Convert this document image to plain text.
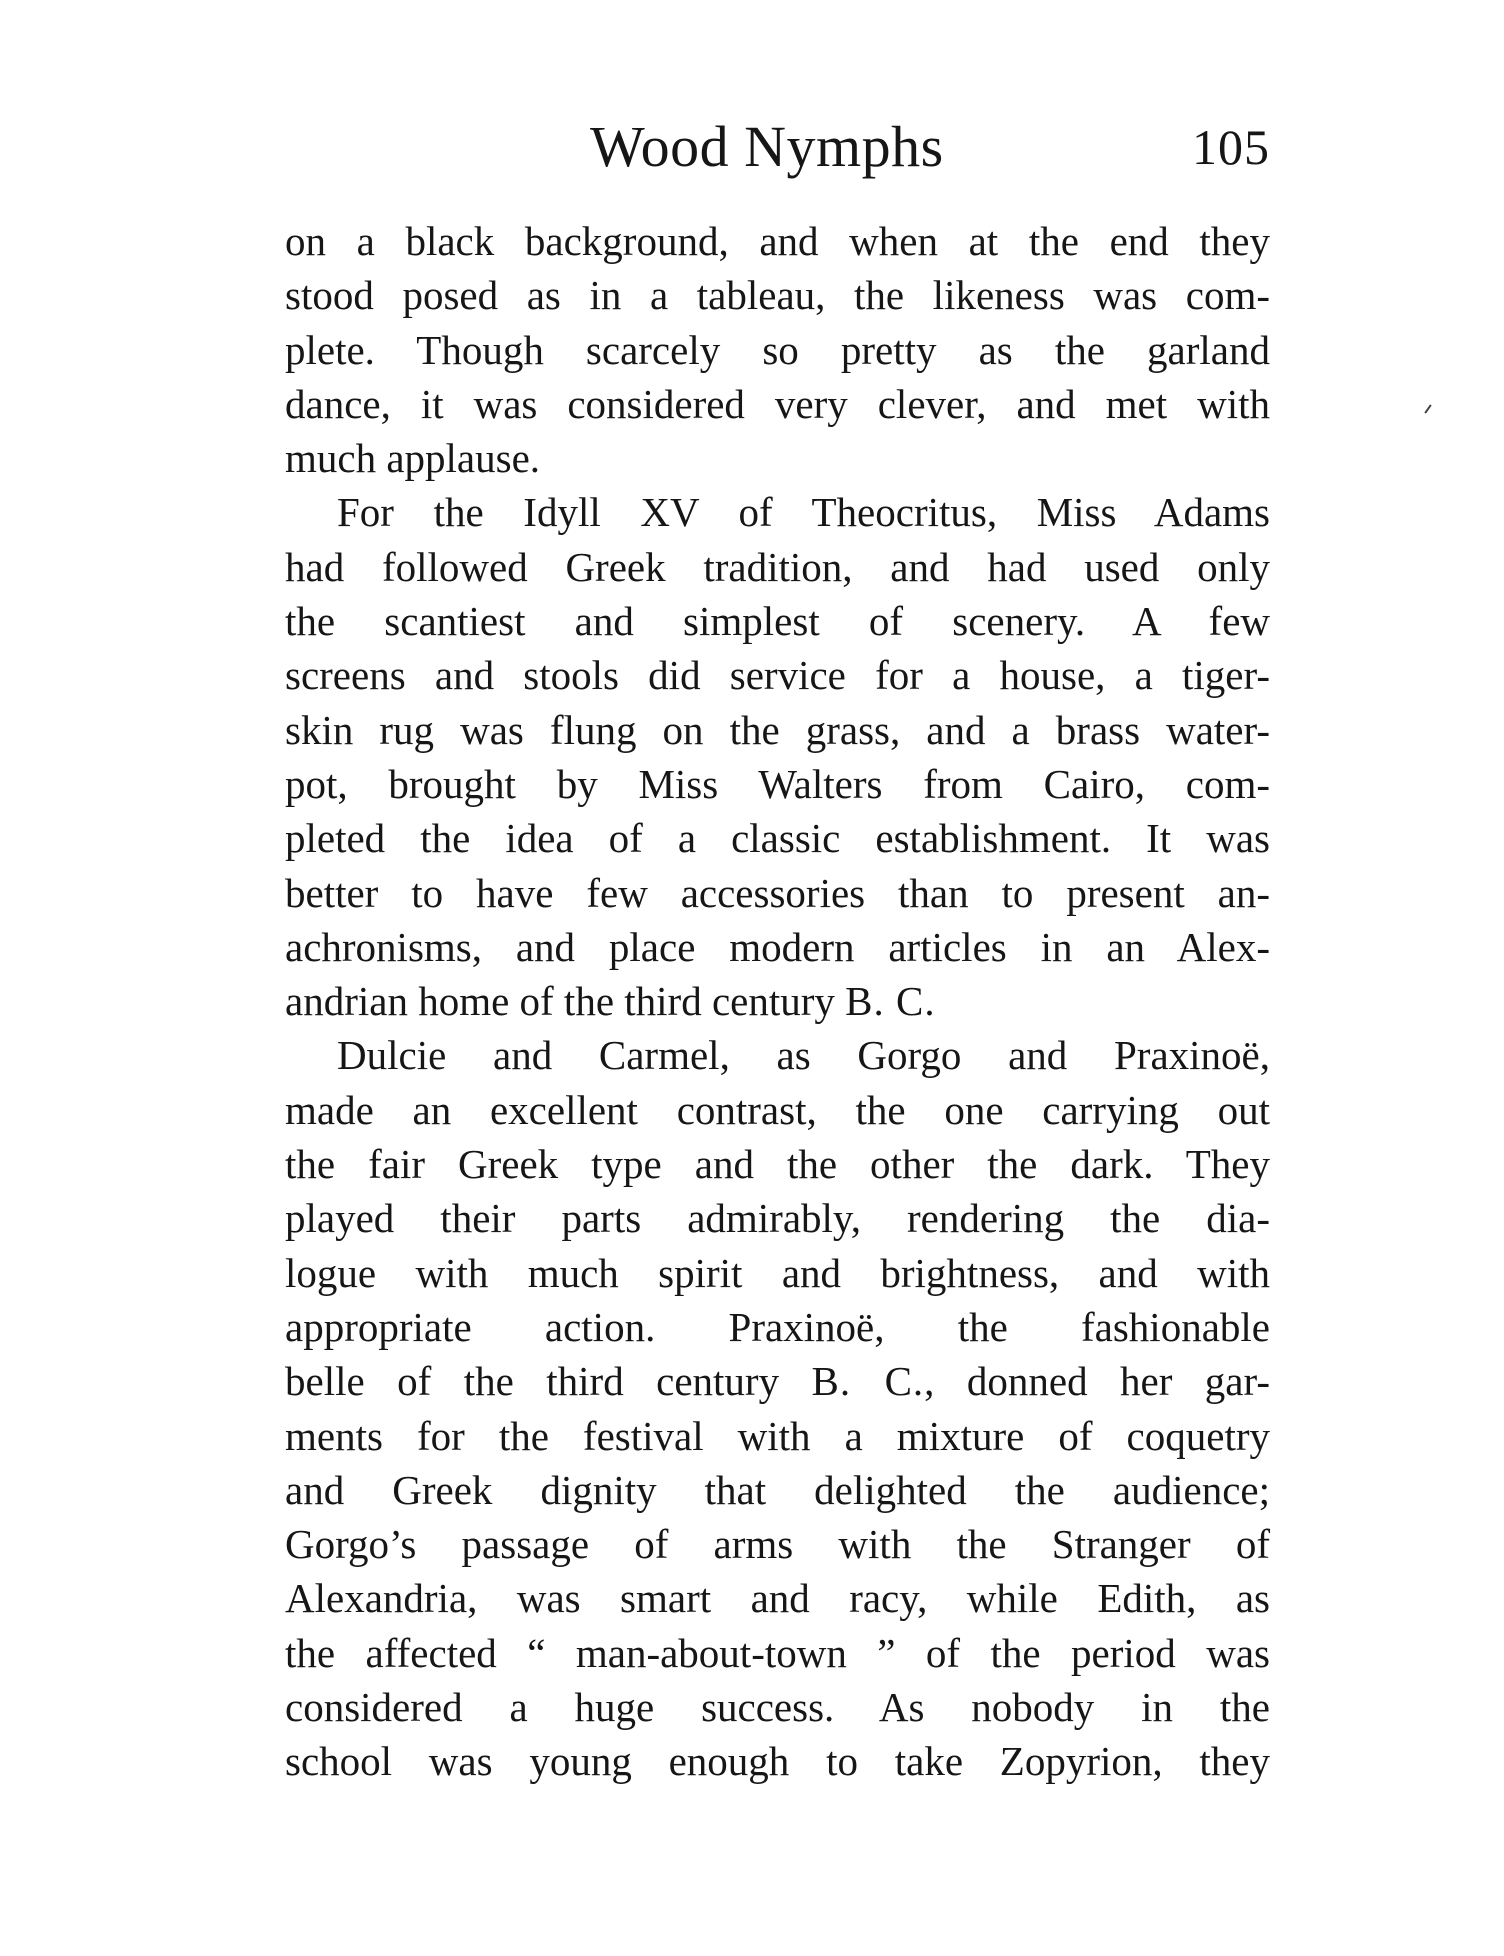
Wood Nymphs	105
on a black background, and when at the end they
stood posed as in a tableau, the likeness was com-
plete. Though scarcely so pretty as the garland
dance, it was considered very clever, and met with
much applause.
For the Idyll XV of Theocritus, Miss Adams
had followed Greek tradition, and had used only
the scantiest and simplest of scenery. A few
screens and stools did service for a house, a tiger-
skin rug was flung on the grass, and a brass water-
pot, brought by Miss Walters from Cairo, com-
pleted the idea of a classic establishment. It was
better to have few accessories than to present an-
achronisms, and place modern articles in an Alex-
andrian home of the third century B. C.
Dulcie and Carmel, as Gorgo and Praxinoë,
made an excellent contrast, the one carrying out
the fair Greek type and the other the dark. They
played their parts admirably, rendering the dia-
logue with much spirit and brightness, and with
appropriate action. Praxinoë, the fashionable
belle of the third century B. C., donned her gar-
ments for the festival with a mixture of coquetry
and Greek dignity that delighted the audience;
Gorgo’s passage of arms with the Stranger of
Alexandria, was smart and racy, while Edith, as
the affected “ man-about-town ” of the period was
considered a huge success. As nobody in the
school was young enough to take Zopyrion, they
